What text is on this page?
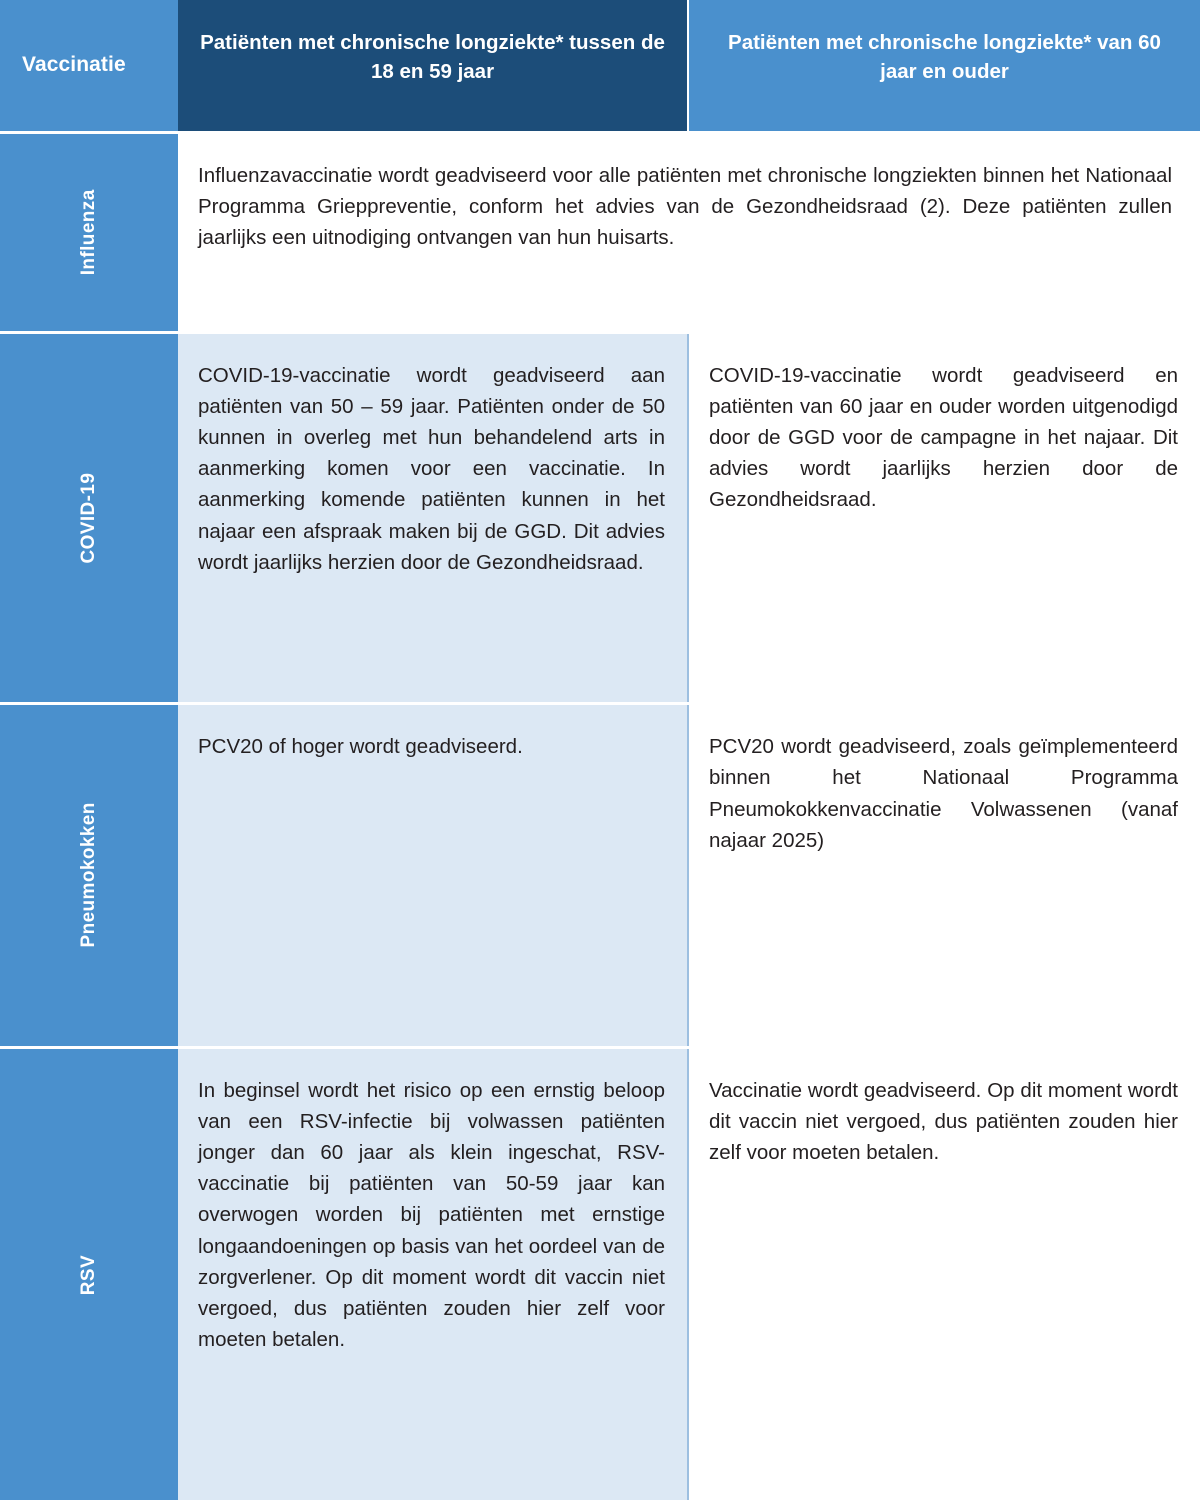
Vaccinatie	Patiënten met chronische longziekte* tussen de 18 en 59 jaar	Patiënten met chronische longziekte* van 60 jaar en ouder

Influenza	Influenzavaccinatie wordt geadviseerd voor alle patiënten met chronische longziekten binnen het Nationaal Programma Grieppreventie, conform het advies van de Gezondheidsraad (2). Deze patiënten zullen jaarlijks een uitnodiging ontvangen van hun huisarts.	

COVID-19	COVID-19-vaccinatie wordt geadviseerd aan patiënten van 50 – 59 jaar. Patiënten onder de 50 kunnen in overleg met hun behandelend arts in aanmerking komen voor een vaccinatie. In aanmerking komende patiënten kunnen in het najaar een afspraak maken bij de GGD. Dit advies wordt jaarlijks herzien door de Gezondheidsraad.	COVID-19-vaccinatie wordt geadviseerd en patiënten van 60 jaar en ouder worden uitgenodigd door de GGD voor de campagne in het najaar. Dit advies wordt jaarlijks herzien door de Gezondheidsraad.

Pneumokokken	PCV20 of hoger wordt geadviseerd.	PCV20 wordt geadviseerd, zoals geïmplementeerd binnen het Nationaal Programma Pneumokokkenvaccinatie Volwassenen (vanaf najaar 2025)

RSV	In beginsel wordt het risico op een ernstig beloop van een RSV-infectie bij volwassen patiënten jonger dan 60 jaar als klein ingeschat, RSV-vaccinatie bij patiënten van 50-59 jaar kan overwogen worden bij patiënten met ernstige longaandoeningen op basis van het oordeel van de zorgverlener. Op dit moment wordt dit vaccin niet vergoed, dus patiënten zouden hier zelf voor moeten betalen.	Vaccinatie wordt geadviseerd. Op dit moment wordt dit vaccin niet vergoed, dus patiënten zouden hier zelf voor moeten betalen.
